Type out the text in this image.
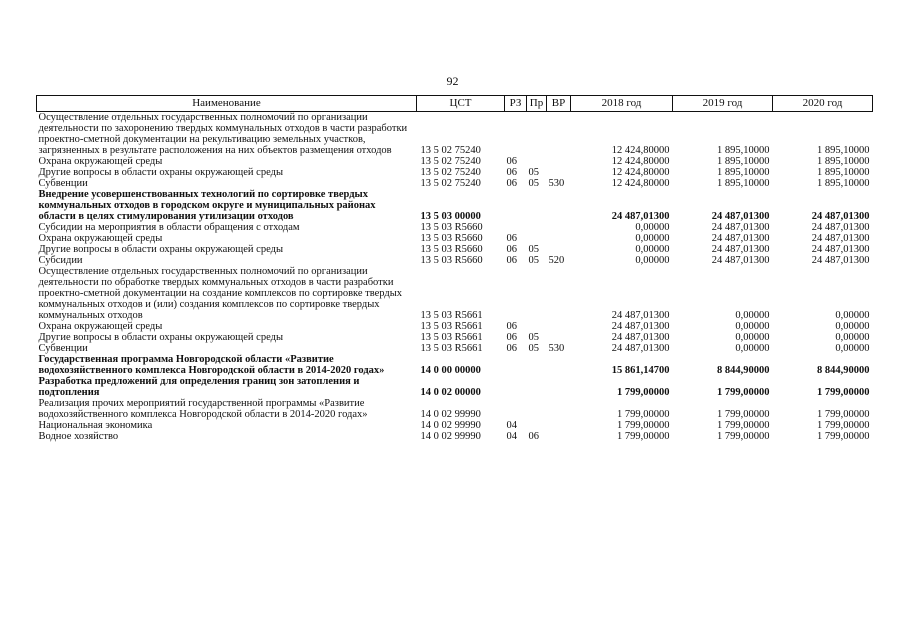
92
Наименование	ЦСТ	РЗ	Пр	ВР	2018 год	2019 год	2020 год
Осуществление отдельных государственных полномочий по организации деятельности по захоронению твердых коммунальных отходов в части разработки проектно-сметной документации на рекультивацию земельных участков, загрязненных в результате расположения на них объектов размещения отходов	13 5 02 75240				12 424,80000	1 895,10000	1 895,10000
Охрана окружающей среды	13 5 02 75240	06			12 424,80000	1 895,10000	1 895,10000
Другие вопросы в области охраны окружающей среды	13 5 02 75240	06	05		12 424,80000	1 895,10000	1 895,10000
Субвенции	13 5 02 75240	06	05	530	12 424,80000	1 895,10000	1 895,10000
Внедрение усовершенствованных технологий по сортировке твердых коммунальных отходов в городском округе и муниципальных районах области в целях стимулирования утилизации отходов	13 5 03 00000				24 487,01300	24 487,01300	24 487,01300
Субсидии на мероприятия в области обращения с отходам	13 5 03 R5660				0,00000	24 487,01300	24 487,01300
Охрана окружающей среды	13 5 03 R5660	06			0,00000	24 487,01300	24 487,01300
Другие вопросы в области охраны окружающей среды	13 5 03 R5660	06	05		0,00000	24 487,01300	24 487,01300
Субсидии	13 5 03 R5660	06	05	520	0,00000	24 487,01300	24 487,01300
Осуществление отдельных государственных полномочий по организации деятельности по обработке твердых коммунальных отходов в части разработки проектно-сметной документации на создание комплексов по сортировке твердых коммунальных отходов и (или) создания комплексов по сортировке твердых коммунальных отходов	13 5 03 R5661				24 487,01300	0,00000	0,00000
Охрана окружающей среды	13 5 03 R5661	06			24 487,01300	0,00000	0,00000
Другие вопросы в области охраны окружающей среды	13 5 03 R5661	06	05		24 487,01300	0,00000	0,00000
Субвенции	13 5 03 R5661	06	05	530	24 487,01300	0,00000	0,00000
Государственная программа Новгородской области «Развитие водохозяйственного комплекса Новгородской области в 2014-2020 годах»	14 0 00 00000				15 861,14700	8 844,90000	8 844,90000
Разработка предложений для определения границ зон затопления и подтопления	14 0 02 00000				1 799,00000	1 799,00000	1 799,00000
Реализация прочих мероприятий государственной программы «Развитие водохозяйственного комплекса Новгородской области в 2014-2020 годах»	14 0 02 99990				1 799,00000	1 799,00000	1 799,00000
Национальная экономика	14 0 02 99990	04			1 799,00000	1 799,00000	1 799,00000
Водное хозяйство	14 0 02 99990	04	06		1 799,00000	1 799,00000	1 799,00000
